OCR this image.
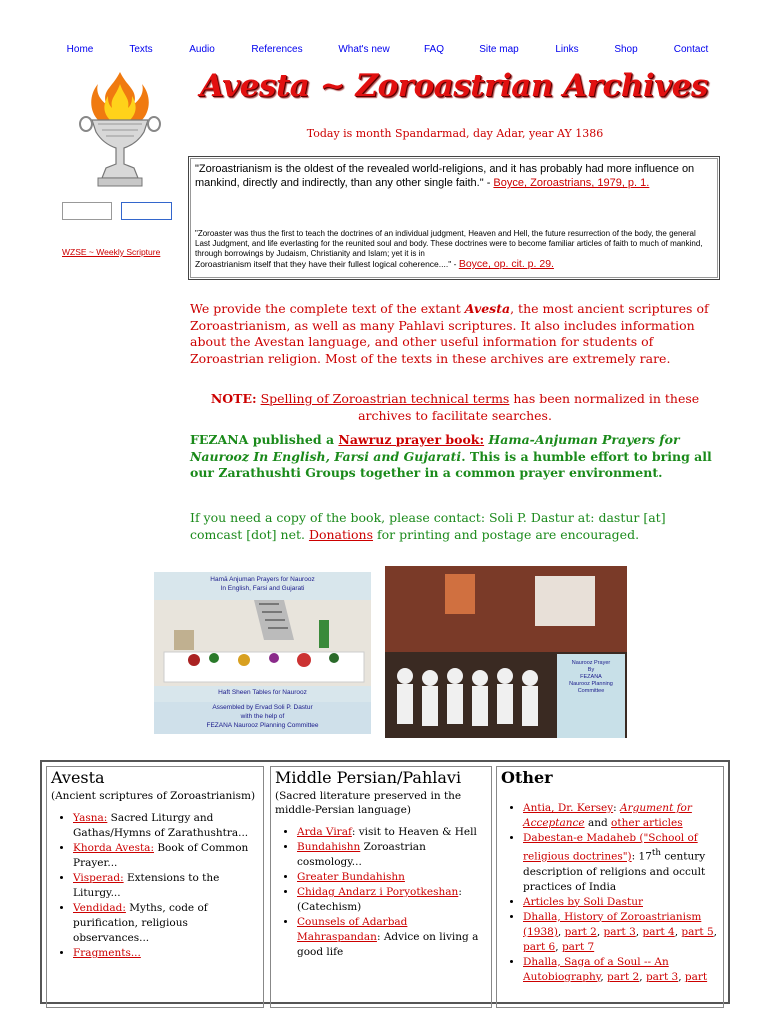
Home	Texts	Audio	References	What's new	FAQ	Site map	Links	Shop	Contact
WZSE ~ Weekly Scripture
Avesta ~ Zoroastrian Archives
Today is month Spandarmad, day Adar, year AY 1386
"Zoroastrianism is the oldest of the revealed world-religions, and it has probably had more influence on mankind, directly and indirectly, than any other single faith." - Boyce, Zoroastrians, 1979, p. 1.
"Zoroaster was thus the first to teach the doctrines of an individual judgment, Heaven and Hell, the future resurrection of the body, the general Last Judgment, and life everlasting for the reunited soul and body. These doctrines were to become familiar articles of faith to much of mankind, through borrowings by Judaism, Christianity and Islam; yet it is in
Zoroastrianism itself that they have their fullest logical coherence...." - Boyce, op. cit. p. 29.
We provide the complete text of the extant Avesta, the most ancient scriptures of Zoroastrianism, as well as many Pahlavi scriptures. It also includes information about the Avestan language, and other useful information for students of Zoroastrian religion. Most of the texts in these archives are extremely rare.
NOTE: Spelling of Zoroastrian technical terms has been normalized in these archives to facilitate searches.
FEZANA published a Nawruz prayer book: Hama-Anjuman Prayers for Naurooz In English, Farsi and Gujarati. This is a humble effort to bring all our Zarathushti Groups together in a common prayer environment.
If you need a copy of the book, please contact: Soli P. Dastur at: dastur [at] comcast [dot] net. Donations for printing and postage are encouraged.
Hamā Anjuman Prayers for Naurooz
In English, Farsi and Gujarati
Haft Sheen Tables for Naurooz
Assembled by Ervad Soli P. Dastur
with the help of
FEZANA Naurooz Planning Committee
Naurooz Prayer
By
FEZANA
Naurooz Planning
Committee
Avesta
(Ancient scriptures of Zoroastrianism)
• Yasna: Sacred Liturgy and Gathas/Hymns of Zarathushtra...
• Khorda Avesta: Book of Common Prayer...
• Visperad: Extensions to the Liturgy...
• Vendidad: Myths, code of purification, religious observances...
• Fragments...
Middle Persian/Pahlavi
(Sacred literature preserved in the middle-Persian language)
• Arda Viraf: visit to Heaven & Hell
• Bundahishn Zoroastrian cosmology...
• Greater Bundahishn
• Chidag Andarz i Poryotkeshan: (Catechism)
• Counsels of Adarbad Mahraspandan: Advice on living a good life
Other
• Antia, Dr. Kersey: Argument for Acceptance and other articles
• Dabestan-e Madaheb ("School of religious doctrines"): 17th century description of religions and occult practices of India
• Articles by Soli Dastur
• Dhalla, History of Zoroastrianism (1938), part 2, part 3, part 4, part 5, part 6, part 7
• Dhalla, Saga of a Soul -- An Autobiography, part 2, part 3, part
